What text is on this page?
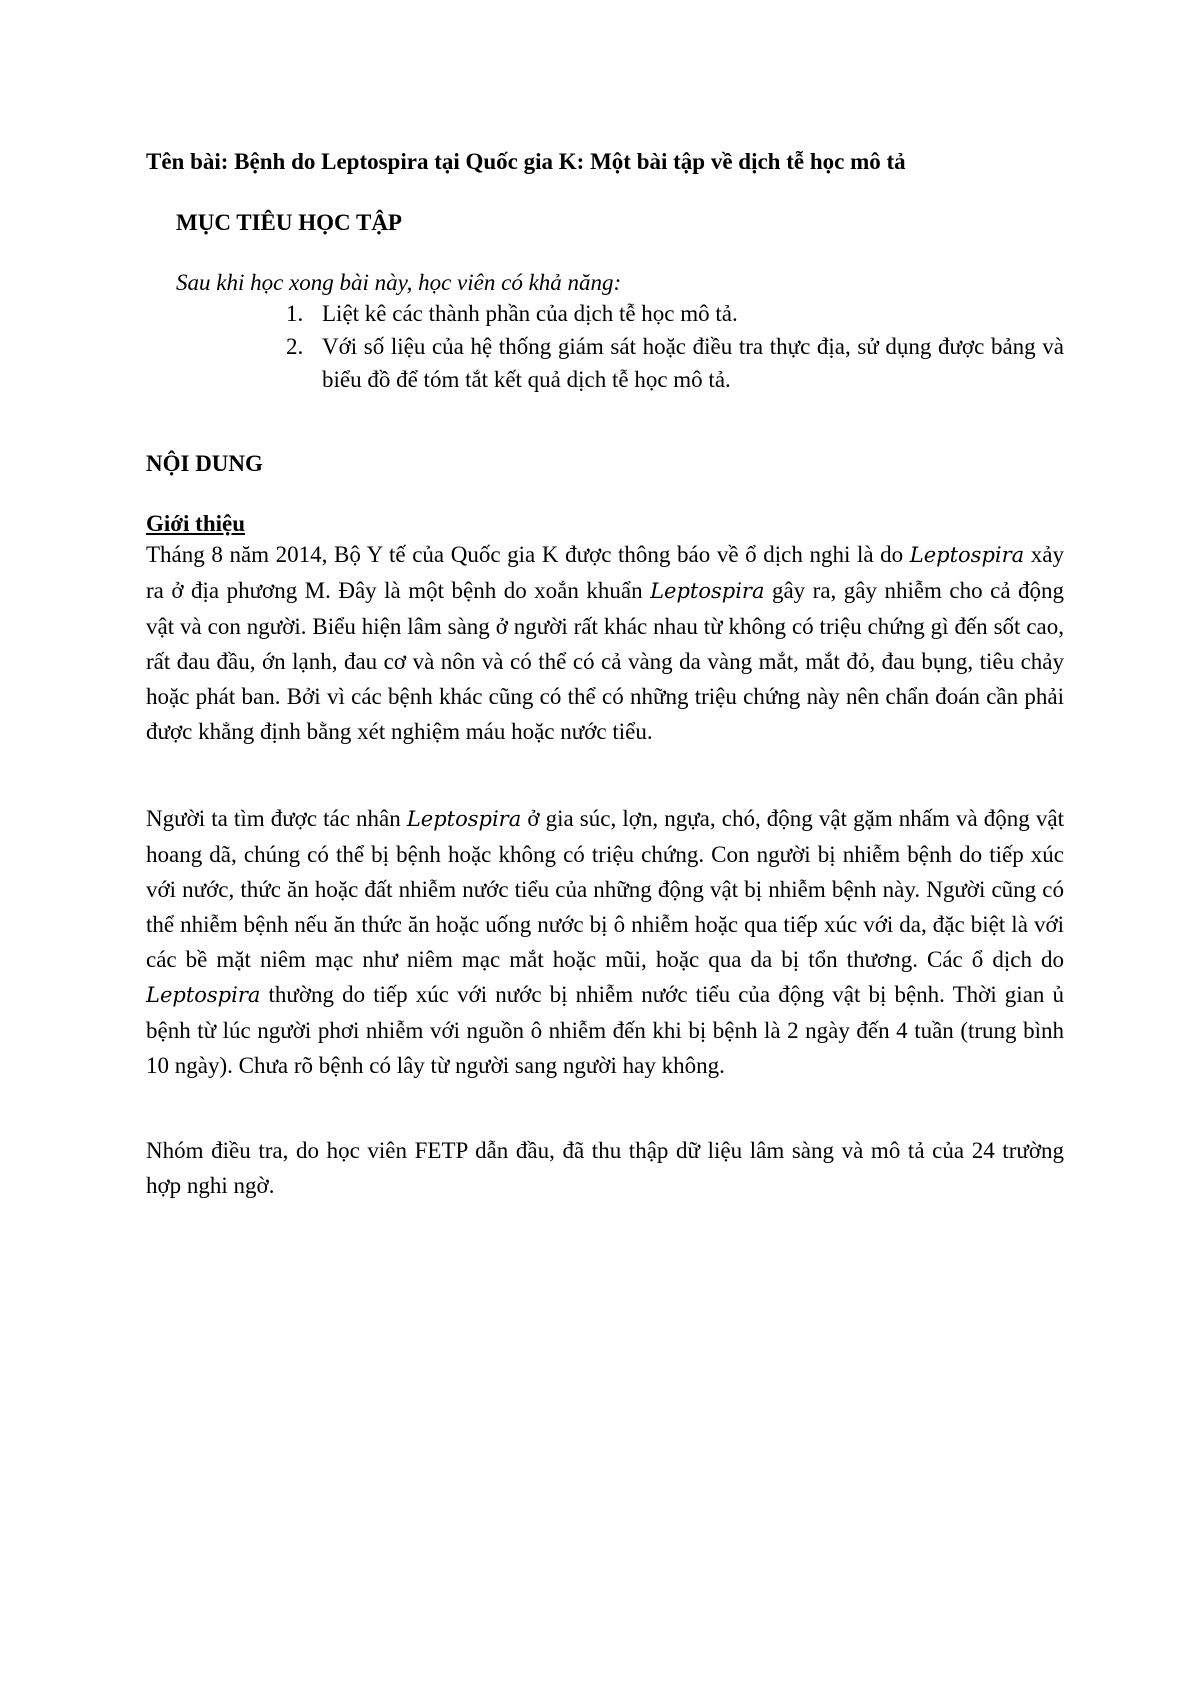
Tên bài: Bệnh do Leptospira tại Quốc gia K: Một bài tập về dịch tễ học mô tả
MỤC TIÊU HỌC TẬP
Sau khi học xong bài này, học viên có khả năng:
1. Liệt kê các thành phần của dịch tễ học mô tả.
2. Với số liệu của hệ thống giám sát hoặc điều tra thực địa, sử dụng được bảng và biểu đồ để tóm tắt kết quả dịch tễ học mô tả.
NỘI DUNG
Giới thiệu

Tháng 8 năm 2014, Bộ Y tế của Quốc gia K được thông báo về ổ dịch nghi là do Leptospira xảy ra ở địa phương M. Đây là một bệnh do xoắn khuẩn Leptospira gây ra, gây nhiễm cho cả động vật và con người. Biểu hiện lâm sàng ở người rất khác nhau từ không có triệu chứng gì đến sốt cao, rất đau đầu, ớn lạnh, đau cơ và nôn và có thể có cả vàng da vàng mắt, mắt đỏ, đau bụng, tiêu chảy hoặc phát ban. Bởi vì các bệnh khác cũng có thể có những triệu chứng này nên chẩn đoán cần phải được khẳng định bằng xét nghiệm máu hoặc nước tiểu.

Người ta tìm được tác nhân Leptospira ở gia súc, lợn, ngựa, chó, động vật gặm nhấm và động vật hoang dã, chúng có thể bị bệnh hoặc không có triệu chứng. Con người bị nhiễm bệnh do tiếp xúc với nước, thức ăn hoặc đất nhiễm nước tiểu của những động vật bị nhiễm bệnh này. Người cũng có thể nhiễm bệnh nếu ăn thức ăn hoặc uống nước bị ô nhiễm hoặc qua tiếp xúc với da, đặc biệt là với các bề mặt niêm mạc như niêm mạc mắt hoặc mũi, hoặc qua da bị tổn thương. Các ổ dịch do Leptospira thường do tiếp xúc với nước bị nhiễm nước tiểu của động vật bị bệnh. Thời gian ủ bệnh từ lúc người phơi nhiễm với nguồn ô nhiễm đến khi bị bệnh là 2 ngày đến 4 tuần (trung bình 10 ngày). Chưa rõ bệnh có lây từ người sang người hay không.

Nhóm điều tra, do học viên FETP dẫn đầu, đã thu thập dữ liệu lâm sàng và mô tả của 24 trường hợp nghi ngờ.
